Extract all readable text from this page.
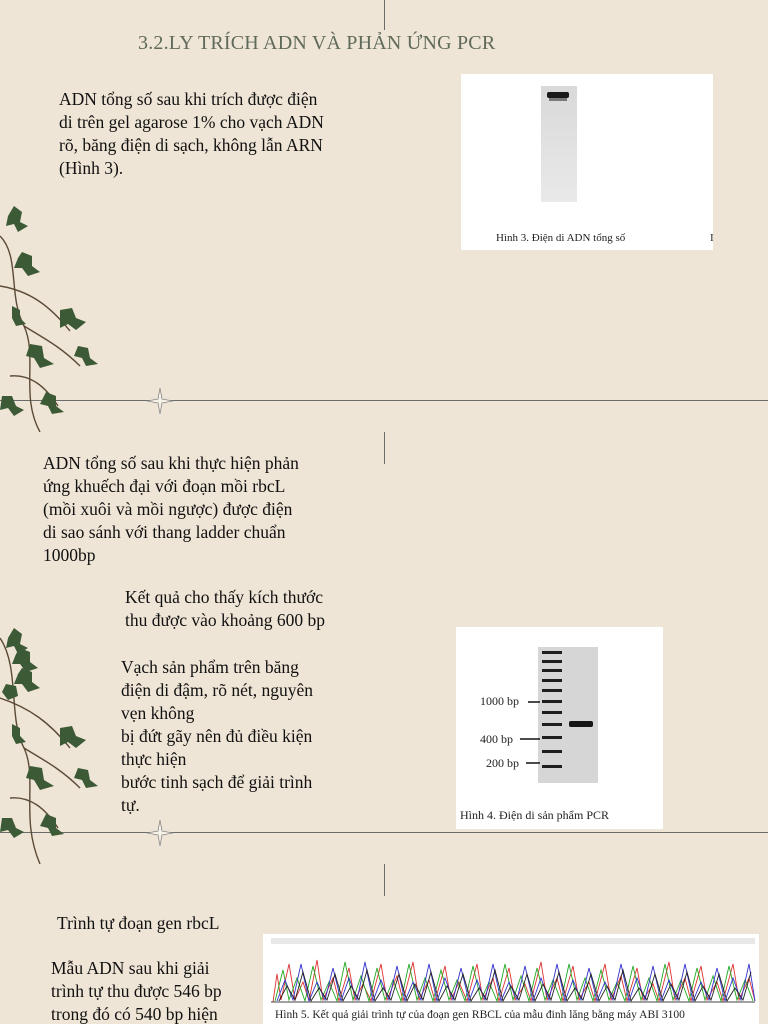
3.2.LY TRÍCH ADN VÀ PHẢN ỨNG PCR
ADN tổng số sau khi trích được điện
di trên gel agarose 1% cho vạch ADN
rõ, băng điện di sạch, không lẫn ARN
(Hình 3).
Hình 3. Điện di ADN tổng số	I
ADN tổng số sau khi thực hiện phản
ứng khuếch đại với đoạn mồi rbcL
(mồi xuôi và mồi ngược) được điện
di sao sánh với thang ladder chuẩn
1000bp
Kết quả cho thấy kích thước
thu được vào khoảng 600 bp
Vạch sản phẩm trên băng
điện di đậm, rõ nét, nguyên
vẹn không
bị đứt gãy nên đủ điều kiện
thực hiện
bước tinh sạch để giải trình
tự.
1000 bp
400 bp
200 bp
Hình 4. Điện di sản phẩm PCR
Trình tự đoạn gen rbcL
Mẫu ADN sau khi giải
trình tự thu được 546 bp
trong đó có 540 bp hiện	Hình 5. Kết quả giải trình tự của đoạn gen RBCL của mẫu đinh lăng bằng máy ABI 3100
